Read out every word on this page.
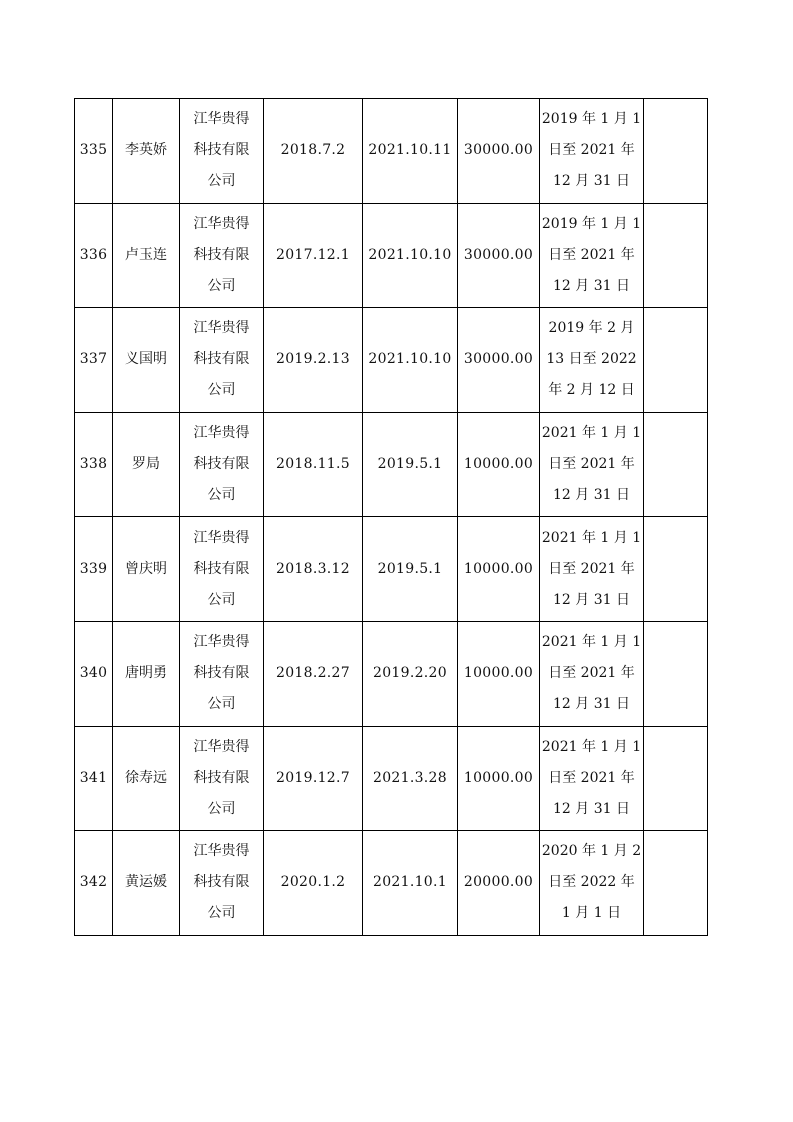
335	李英娇	江华贵得
科技有限
公司	2018.7.2	2021.10.11	30000.00	2019 年 1 月 1
日至 2021 年
12 月 31 日	

336	卢玉连	江华贵得
科技有限
公司	2017.12.1	2021.10.10	30000.00	2019 年 1 月 1
日至 2021 年
12 月 31 日	

337	义国明	江华贵得
科技有限
公司	2019.2.13	2021.10.10	30000.00	2019 年 2 月
13 日至 2022
年 2 月 12 日	

338	罗局	江华贵得
科技有限
公司	2018.11.5	2019.5.1	10000.00	2021 年 1 月 1
日至 2021 年
12 月 31 日	

339	曾庆明	江华贵得
科技有限
公司	2018.3.12	2019.5.1	10000.00	2021 年 1 月 1
日至 2021 年
12 月 31 日	

340	唐明勇	江华贵得
科技有限
公司	2018.2.27	2019.2.20	10000.00	2021 年 1 月 1
日至 2021 年
12 月 31 日	

341	徐寿远	江华贵得
科技有限
公司	2019.12.7	2021.3.28	10000.00	2021 年 1 月 1
日至 2021 年
12 月 31 日	

342	黄运媛	江华贵得
科技有限
公司	2020.1.2	2021.10.1	20000.00	2020 年 1 月 2
日至 2022 年
1 月 1 日	
